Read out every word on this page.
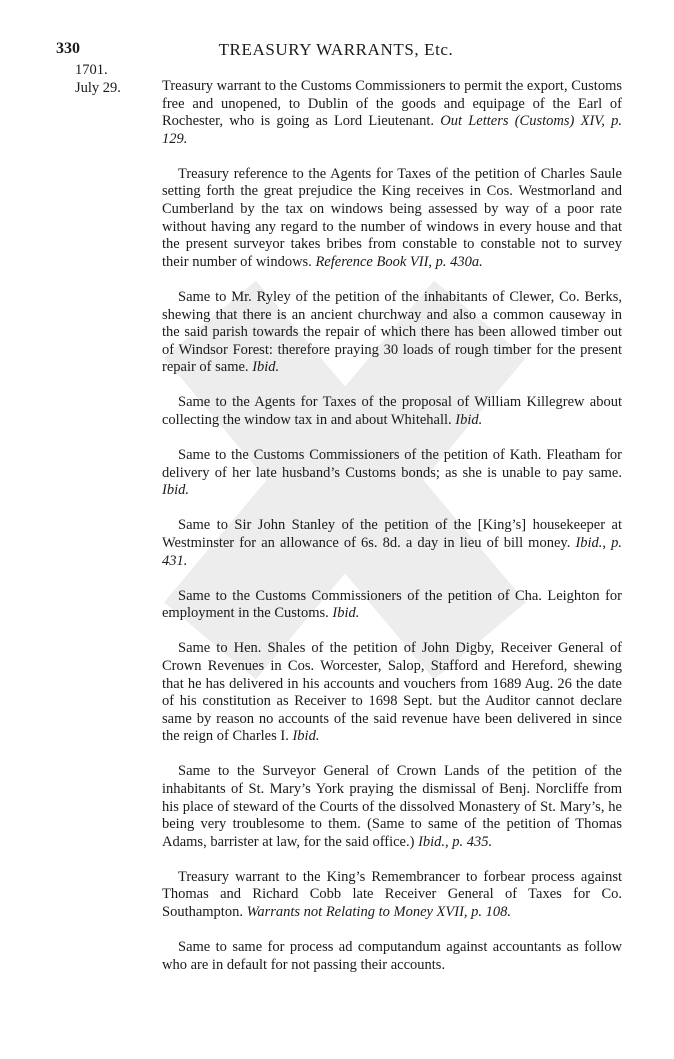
330	TREASURY WARRANTS, Etc.
1701.
July 29.	Treasury warrant to the Customs Commissioners to permit the export, Customs free and unopened, to Dublin of the goods and equipage of the Earl of Rochester, who is going as Lord Lieutenant. Out Letters (Customs) XIV, p. 129.

Treasury reference to the Agents for Taxes of the petition of Charles Saule setting forth the great prejudice the King receives in Cos. Westmorland and Cumberland by the tax on windows being assessed by way of a poor rate without having any regard to the number of windows in every house and that the present surveyor takes bribes from constable to constable not to survey their number of windows. Reference Book VII, p. 430a.

Same to Mr. Ryley of the petition of the inhabitants of Clewer, Co. Berks, shewing that there is an ancient churchway and also a common causeway in the said parish towards the repair of which there has been allowed timber out of Windsor Forest: therefore praying 30 loads of rough timber for the present repair of same. Ibid.

Same to the Agents for Taxes of the proposal of William Killegrew about collecting the window tax in and about Whitehall. Ibid.

Same to the Customs Commissioners of the petition of Kath. Fleatham for delivery of her late husband’s Customs bonds; as she is unable to pay same. Ibid.

Same to Sir John Stanley of the petition of the [King’s] housekeeper at Westminster for an allowance of 6s. 8d. a day in lieu of bill money. Ibid., p. 431.

Same to the Customs Commissioners of the petition of Cha. Leighton for employment in the Customs. Ibid.

Same to Hen. Shales of the petition of John Digby, Receiver General of Crown Revenues in Cos. Worcester, Salop, Stafford and Hereford, shewing that he has delivered in his accounts and vouchers from 1689 Aug. 26 the date of his constitution as Receiver to 1698 Sept. but the Auditor cannot declare same by reason no accounts of the said revenue have been delivered in since the reign of Charles I. Ibid.

Same to the Surveyor General of Crown Lands of the petition of the inhabitants of St. Mary’s York praying the dismissal of Benj. Norcliffe from his place of steward of the Courts of the dissolved Monastery of St. Mary’s, he being very troublesome to them. (Same to same of the petition of Thomas Adams, barrister at law, for the said office.) Ibid., p. 435.

Treasury warrant to the King’s Remembrancer to forbear process against Thomas and Richard Cobb late Receiver General of Taxes for Co. Southampton. Warrants not Relating to Money XVII, p. 108.

Same to same for process ad computandum against accountants as follow who are in default for not passing their accounts.
